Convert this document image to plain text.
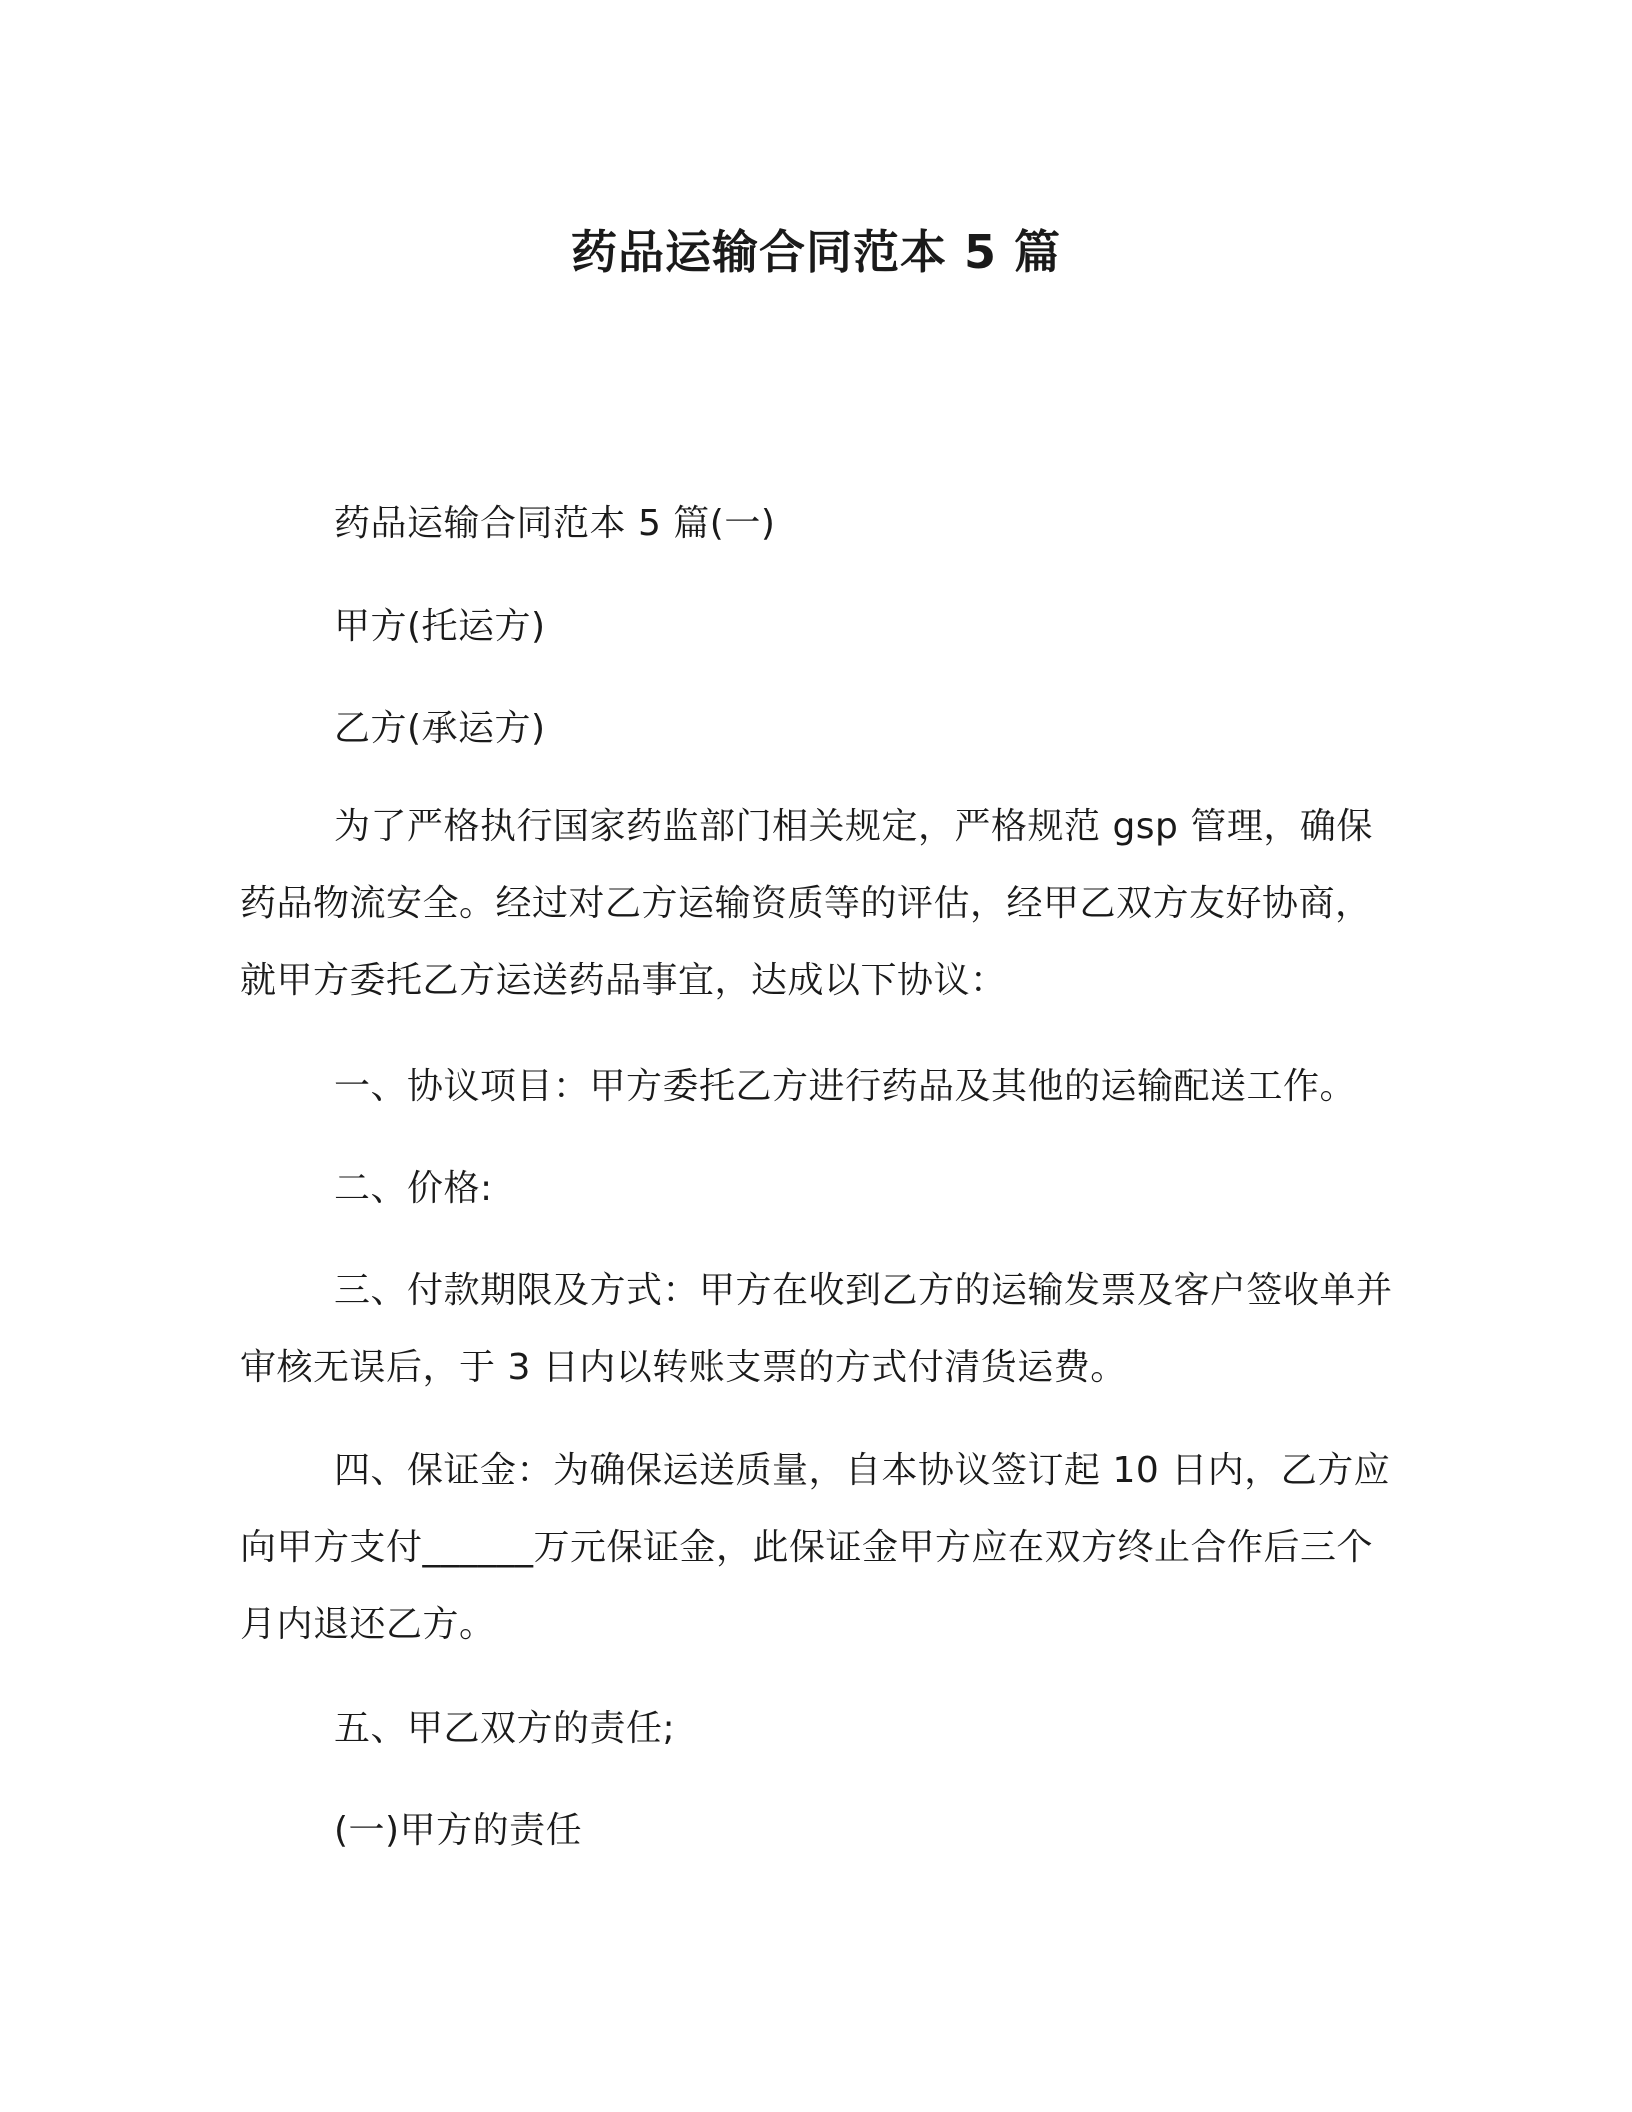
药品运输合同范本 5 篇

药品运输合同范本 5 篇(一)

甲方(托运方)

乙方(承运方)

为了严格执行国家药监部门相关规定，严格规范 gsp 管理，确保药品物流安全。经过对乙方运输资质等的评估，经甲乙双方友好协商，就甲方委托乙方运送药品事宜，达成以下协议：

一、协议项目：甲方委托乙方进行药品及其他的运输配送工作。

二、价格:

三、付款期限及方式：甲方在收到乙方的运输发票及客户签收单并审核无误后，于 3 日内以转账支票的方式付清货运费。

四、保证金：为确保运送质量，自本协议签订起 10 日内，乙方应向甲方支付______万元保证金，此保证金甲方应在双方终止合作后三个月内退还乙方。

五、甲乙双方的责任;

(一)甲方的责任
